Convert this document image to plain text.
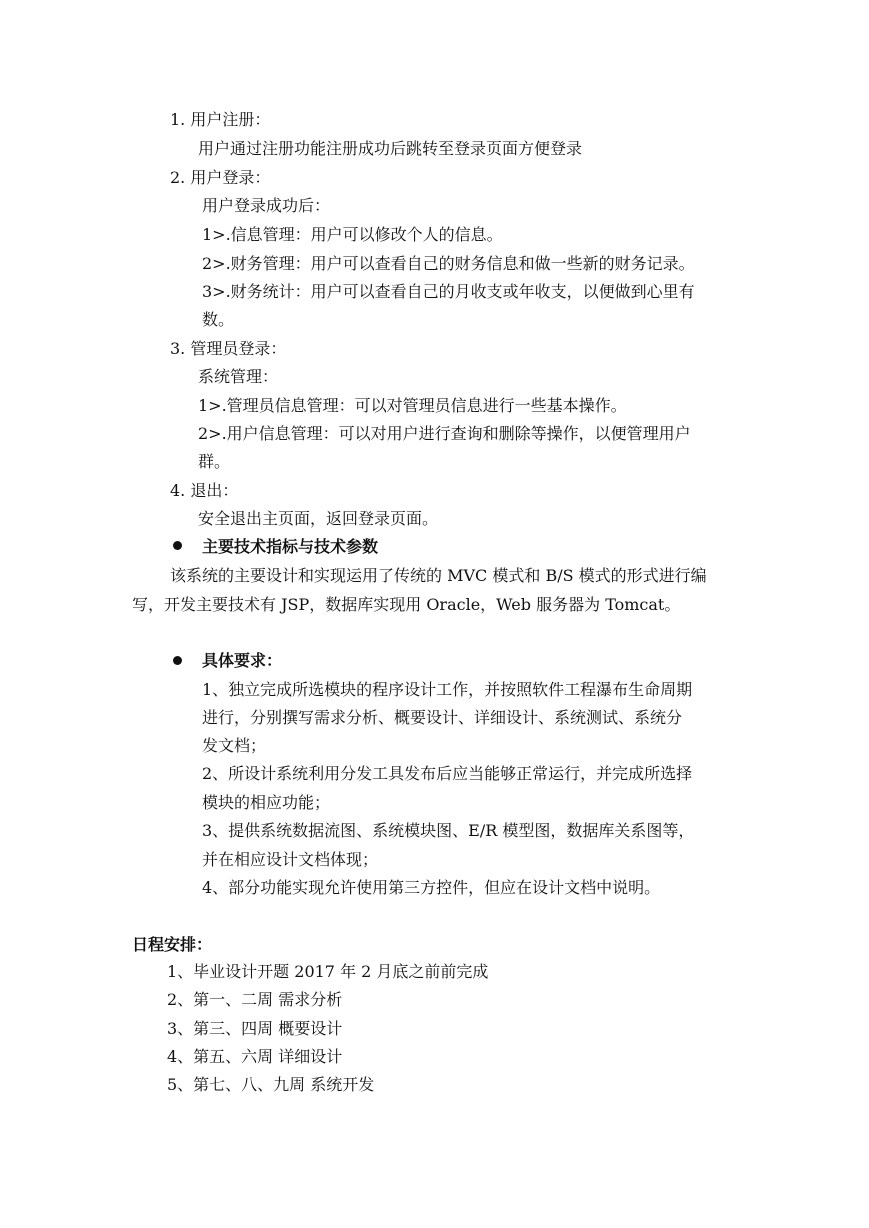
1. 用户注册：
用户通过注册功能注册成功后跳转至登录页面方便登录
2. 用户登录：
用户登录成功后：
1>.信息管理：用户可以修改个人的信息。
2>.财务管理：用户可以查看自己的财务信息和做一些新的财务记录。
3>.财务统计：用户可以查看自己的月收支或年收支，以便做到心里有
数。
3. 管理员登录：
系统管理：
1>.管理员信息管理：可以对管理员信息进行一些基本操作。
2>.用户信息管理：可以对用户进行查询和删除等操作，以便管理用户
群。
4. 退出：
安全退出主页面，返回登录页面。
主要技术指标与技术参数
该系统的主要设计和实现运用了传统的 MVC 模式和 B/S 模式的形式进行编
写，开发主要技术有 JSP，数据库实现用 Oracle，Web 服务器为 Tomcat。
具体要求：
1、独立完成所选模块的程序设计工作，并按照软件工程瀑布生命周期
进行，分别撰写需求分析、概要设计、详细设计、系统测试、系统分
发文档；
2、所设计系统利用分发工具发布后应当能够正常运行，并完成所选择
模块的相应功能；
3、提供系统数据流图、系统模块图、E/R 模型图，数据库关系图等，
并在相应设计文档体现；
4、部分功能实现允许使用第三方控件，但应在设计文档中说明。
日程安排：
1、毕业设计开题 2017 年 2 月底之前前完成
2、第一、二周 需求分析
3、第三、四周 概要设计
4、第五、六周 详细设计
5、第七、八、九周 系统开发
